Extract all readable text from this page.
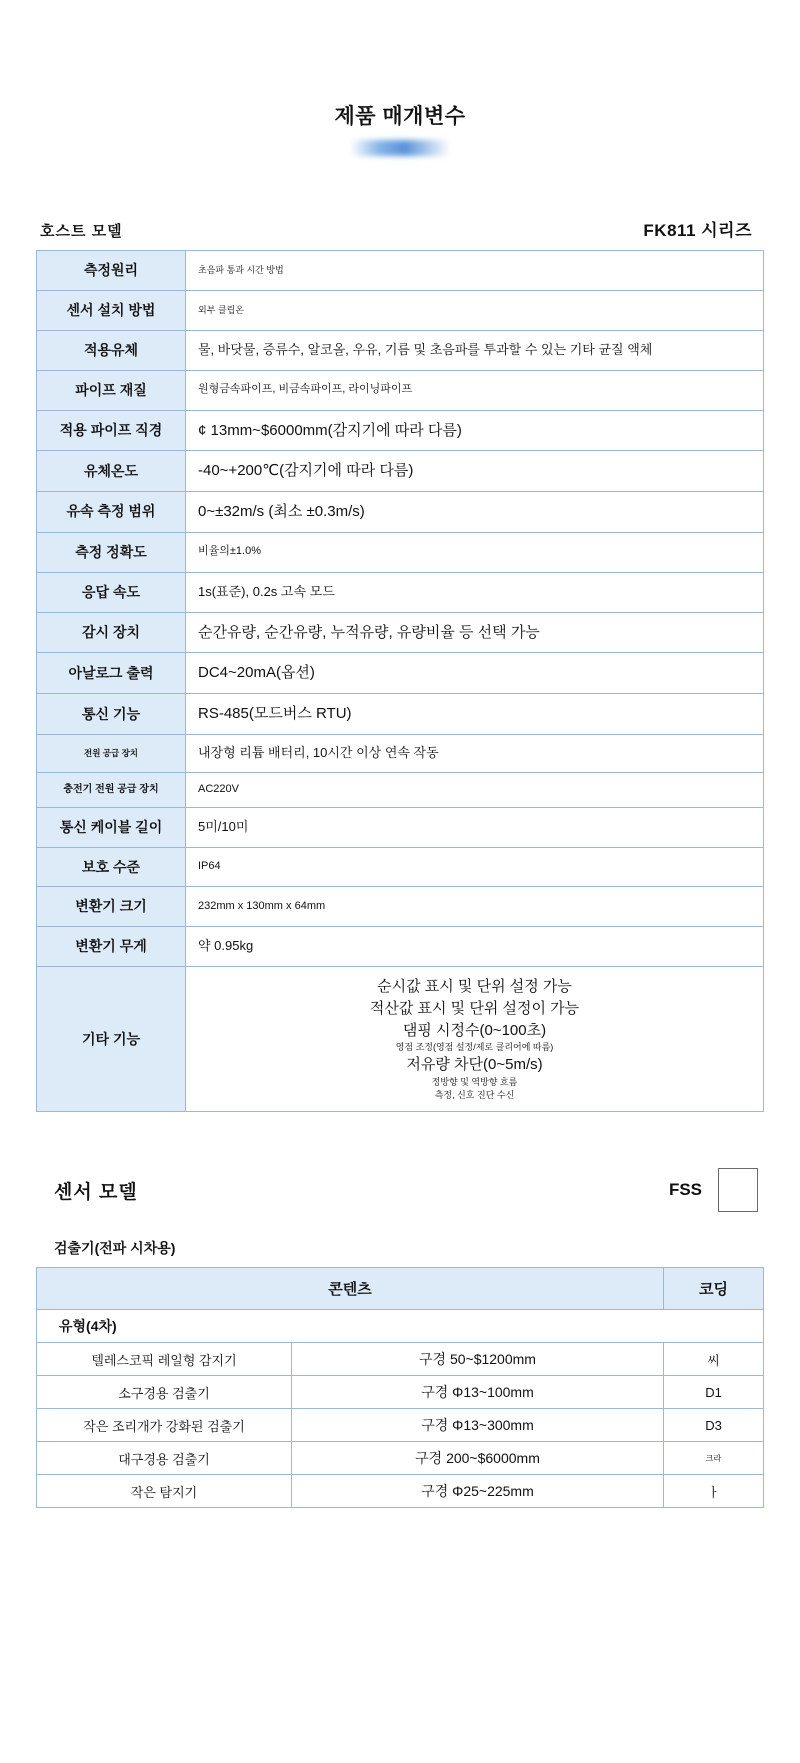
제품 매개변수
호스트 모델	FK811 시리즈
측정원리	초음파 통과 시간 방법
센서 설치 방법	외부 클립온
적용유체	물, 바닷물, 증류수, 알코올, 우유, 기름 및 초음파를 투과할 수 있는 기타 균질 액체
파이프 재질	원형금속파이프, 비금속파이프, 라이닝파이프
적용 파이프 직경	¢ 13mm~$6000mm(감지기에 따라 다름)
유체온도	-40~+200℃(감지기에 따라 다름)
유속 측정 범위	0~±32m/s (최소 ±0.3m/s)
측정 정확도	비율의±1.0%
응답 속도	1s(표준), 0.2s 고속 모드
감시 장치	순간유량, 순간유량, 누적유량, 유량비율 등 선택 가능
아날로그 출력	DC4~20mA(옵션)
통신 기능	RS-485(모드버스 RTU)
전원 공급 장치	내장형 리튬 배터리, 10시간 이상 연속 작동
충전기 전원 공급 장치	AC220V
통신 케이블 길이	5미/10미
보호 수준	IP64
변환기 크기	232mm x 130mm x 64mm
변환기 무게	약 0.95kg
기타 기능	
순시값 표시 및 단위 설정 가능
적산값 표시 및 단위 설정이 가능
댐핑 시정수(0~100초)
영점 조정(영점 설정/제로 클리어에 따름)
저유량 차단(0~5m/s)
정방향 및 역방향 흐름
측정, 신호 진단 수신
센서 모델	FSS
검출기(전파 시차용)
콘텐츠		코딩
유형(4차)		
텔레스코픽 레일형 감지기	구경 50~$1200mm	씨
소구경용 검출기	구경 Φ13~100mm	D1
작은 조리개가 강화된 검출기	구경 Φ13~300mm	D3
대구경용 검출기	구경 200~$6000mm	크라
작은 탐지기	구경 Φ25~225mm	ㅏ
